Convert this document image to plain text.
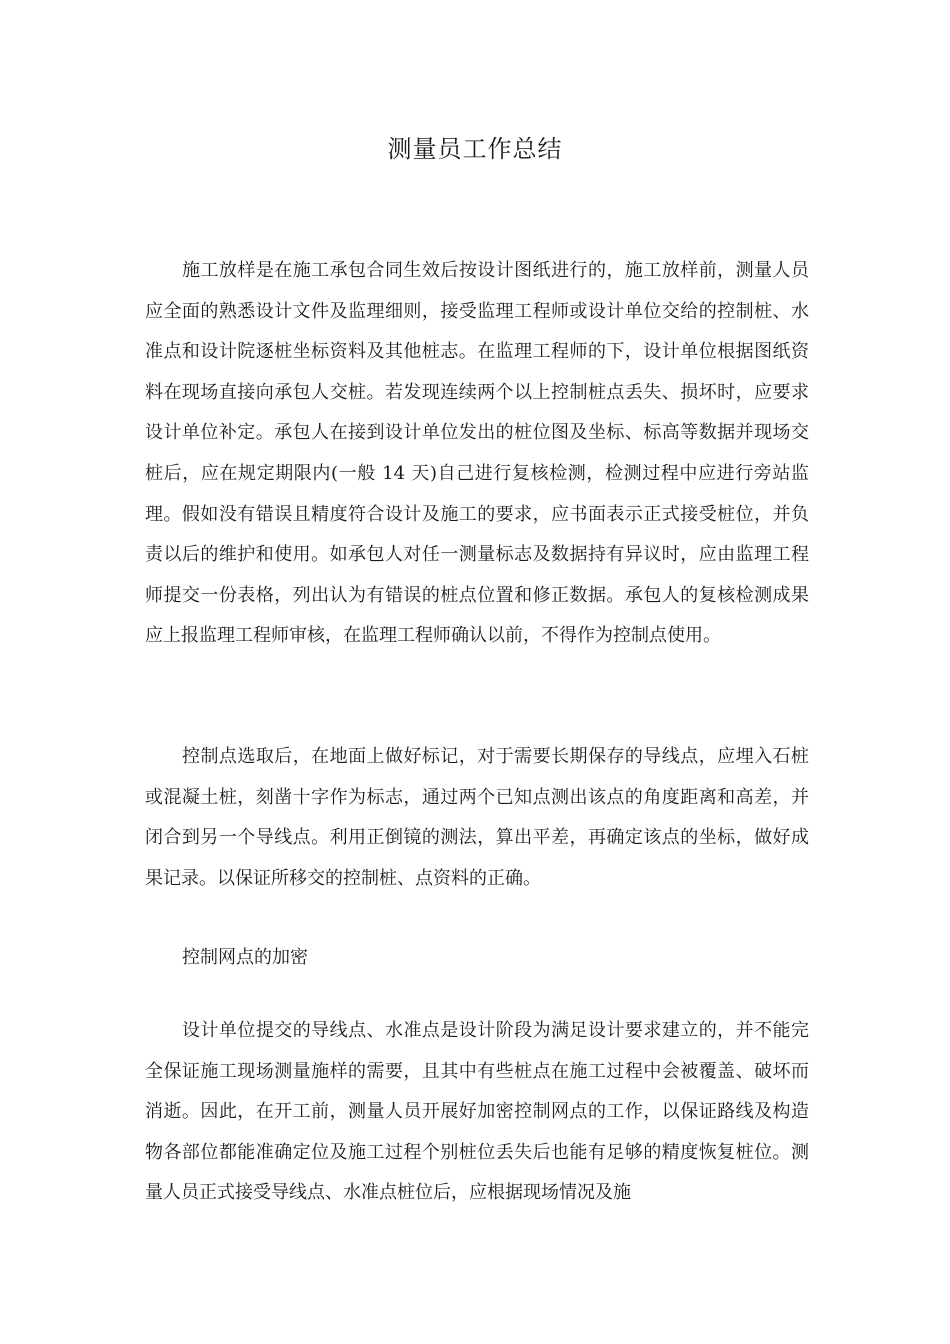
测量员工作总结

施工放样是在施工承包合同生效后按设计图纸进行的，施工放样前，测量人员应全面的熟悉设计文件及监理细则，接受监理工程师或设计单位交给的控制桩、水准点和设计院逐桩坐标资料及其他桩志。在监理工程师的下，设计单位根据图纸资料在现场直接向承包人交桩。若发现连续两个以上控制桩点丢失、损坏时，应要求设计单位补定。承包人在接到设计单位发出的桩位图及坐标、标高等数据并现场交桩后，应在规定期限内(一般 14 天)自己进行复核检测，检测过程中应进行旁站监理。假如没有错误且精度符合设计及施工的要求，应书面表示正式接受桩位，并负责以后的维护和使用。如承包人对任一测量标志及数据持有异议时，应由监理工程师提交一份表格，列出认为有错误的桩点位置和修正数据。承包人的复核检测成果应上报监理工程师审核，在监理工程师确认以前，不得作为控制点使用。

控制点选取后，在地面上做好标记，对于需要长期保存的导线点，应埋入石桩或混凝土桩，刻凿十字作为标志，通过两个已知点测出该点的角度距离和高差，并闭合到另一个导线点。利用正倒镜的测法，算出平差，再确定该点的坐标，做好成果记录。以保证所移交的控制桩、点资料的正确。

控制网点的加密

设计单位提交的导线点、水准点是设计阶段为满足设计要求建立的，并不能完全保证施工现场测量施样的需要，且其中有些桩点在施工过程中会被覆盖、破坏而消逝。因此，在开工前，测量人员开展好加密控制网点的工作，以保证路线及构造物各部位都能准确定位及施工过程个别桩位丢失后也能有足够的精度恢复桩位。测量人员正式接受导线点、水准点桩位后，应根据现场情况及施
